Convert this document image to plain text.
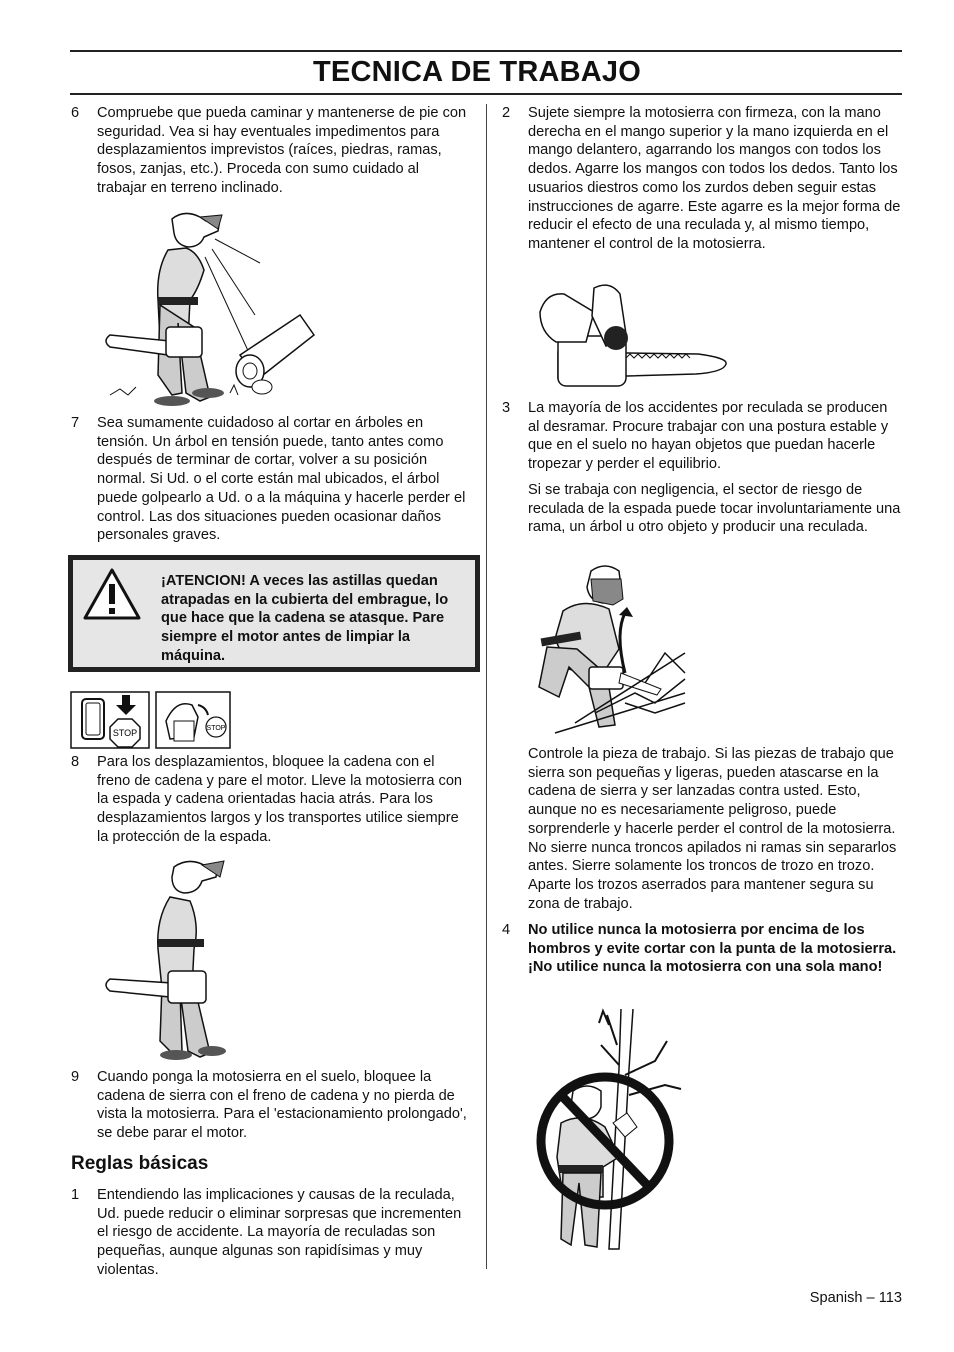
TECNICA DE TRABAJO
6 Compruebe que pueda caminar y mantenerse de pie con seguridad. Vea si hay eventuales impedimentos para desplazamientos imprevistos (raíces, piedras, ramas, fosos, zanjas, etc.). Proceda con sumo cuidado al trabajar en terreno inclinado.
7 Sea sumamente cuidadoso al cortar en árboles en tensión. Un árbol en tensión puede, tanto antes como después de terminar de cortar, volver a su posición normal. Si Ud. o el corte están mal ubicados, el árbol puede golpearlo a Ud. o a la máquina y hacerle perder el control. Las dos situaciones pueden ocasionar daños personales graves.
¡ATENCION! A veces las astillas quedan atrapadas en la cubierta del embrague, lo que hace que la cadena se atasque. Pare siempre el motor antes de limpiar la máquina.
STOP	STOP
8 Para los desplazamientos, bloquee la cadena con el freno de cadena y pare el motor. Lleve la motosierra con la espada y cadena orientadas hacia atrás. Para los desplazamientos largos y los transportes utilice siempre la protección de la espada.
9 Cuando ponga la motosierra en el suelo, bloquee la cadena de sierra con el freno de cadena y no pierda de vista la motosierra. Para el 'estacionamiento prolongado', se debe parar el motor.
Reglas básicas
1 Entendiendo las implicaciones y causas de la reculada, Ud. puede reducir o eliminar sorpresas que incrementen el riesgo de accidente. La mayoría de reculadas son pequeñas, aunque algunas son rapidísimas y muy violentas.
2 Sujete siempre la motosierra con firmeza, con la mano derecha en el mango superior y la mano izquierda en el mango delantero, agarrando los mangos con todos los dedos. Agarre los mangos con todos los dedos. Tanto los usuarios diestros como los zurdos deben seguir estas instrucciones de agarre. Este agarre es la mejor forma de reducir el efecto de una reculada y, al mismo tiempo, mantener el control de la motosierra.
3 La mayoría de los accidentes por reculada se producen al desramar. Procure trabajar con una postura estable y que en el suelo no hayan objetos que puedan hacerle tropezar y perder el equilibrio.
Si se trabaja con negligencia, el sector de riesgo de reculada de la espada puede tocar involuntariamente una rama, un árbol u otro objeto y producir una reculada.
Controle la pieza de trabajo. Si las piezas de trabajo que sierra son pequeñas y ligeras, pueden atascarse en la cadena de sierra y ser lanzadas contra usted. Esto, aunque no es necesariamente peligroso, puede sorprenderle y hacerle perder el control de la motosierra. No sierre nunca troncos apilados ni ramas sin separarlos antes. Sierre solamente los troncos de trozo en trozo. Aparte los trozos aserrados para mantener segura su zona de trabajo.
4 No utilice nunca la motosierra por encima de los hombros y evite cortar con la punta de la motosierra. ¡No utilice nunca la motosierra con una sola mano!
Spanish – 113
